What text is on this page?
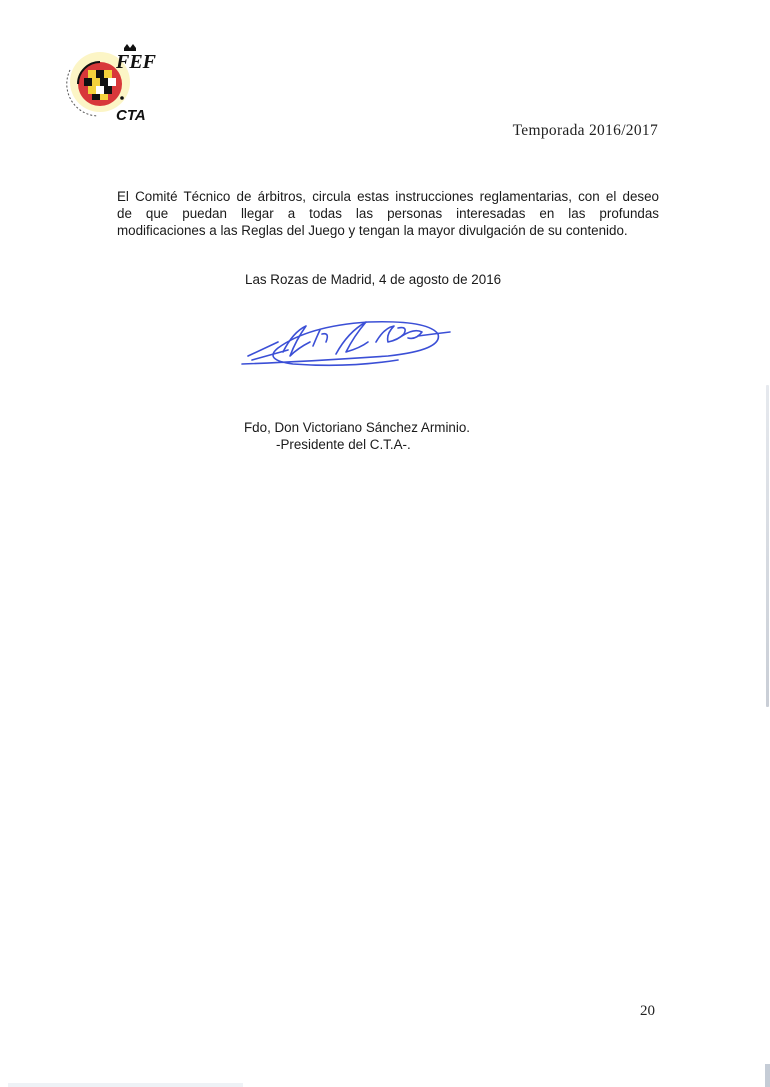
FEF
CTA
Temporada 2016/2017
El Comité Técnico de árbitros, circula estas instrucciones reglamentarias, con el deseo
de que puedan llegar a todas las personas interesadas en las profundas
modificaciones a las Reglas del Juego y tengan la mayor divulgación de su contenido.
Las Rozas de Madrid, 4 de agosto de 2016
Fdo, Don Victoriano Sánchez Arminio.
-Presidente del C.T.A-.
20
